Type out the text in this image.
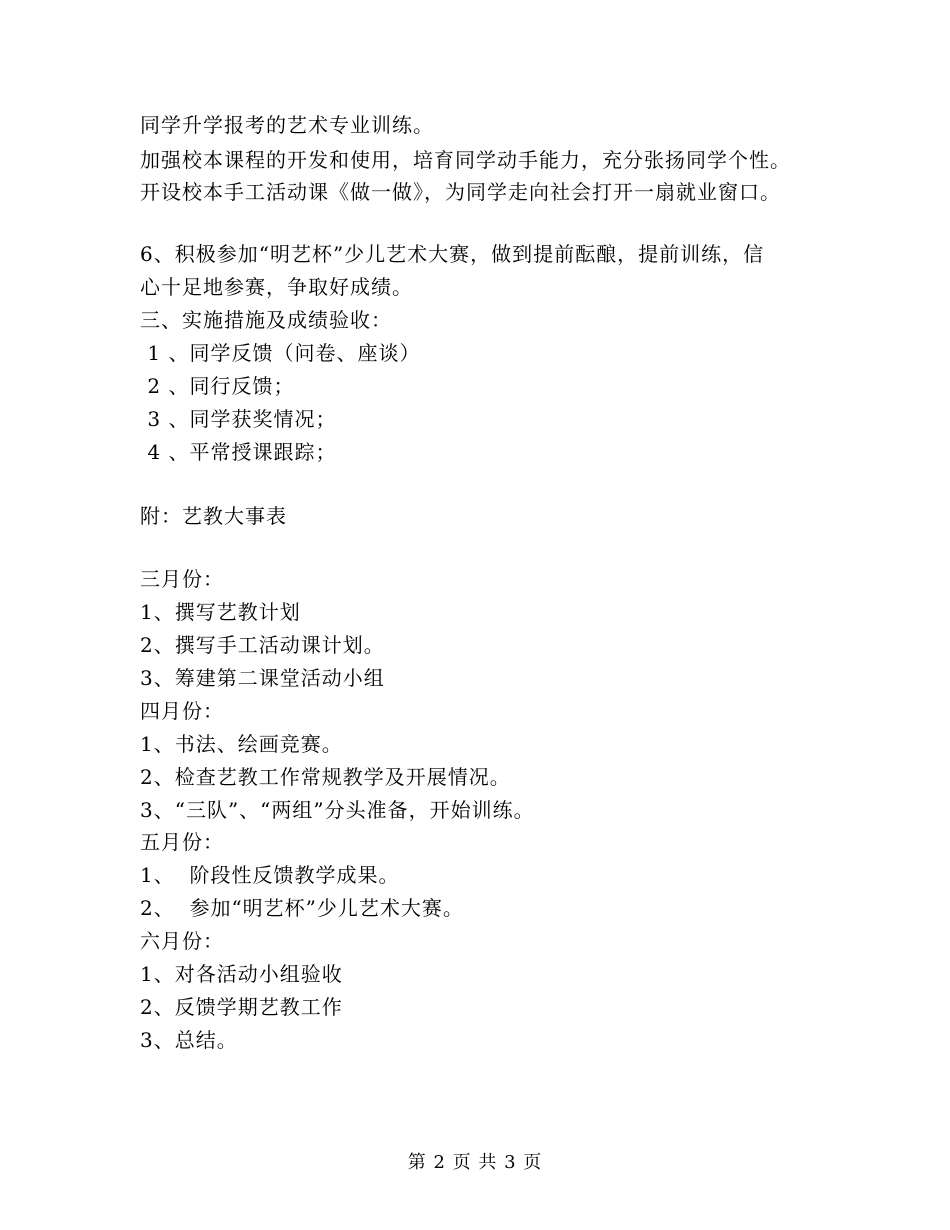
同学升学报考的艺术专业训练。
加强校本课程的开发和使用，培育同学动手能力，充分张扬同学个性。
开设校本手工活动课《做一做》，为同学走向社会打开一扇就业窗口。
6、积极参加“明艺杯”少儿艺术大赛，做到提前酝酿，提前训练，信
心十足地参赛，争取好成绩。
三、实施措施及成绩验收：
1 、同学反馈（问卷、座谈）
2 、同行反馈；
3 、同学获奖情况；
4 、平常授课跟踪；
附：艺教大事表
三月份：
1、撰写艺教计划
2、撰写手工活动课计划。
3、筹建第二课堂活动小组
四月份：
1、书法、绘画竞赛。
2、检查艺教工作常规教学及开展情况。
3、“三队”、“两组”分头准备，开始训练。
五月份：
1、  阶段性反馈教学成果。
2、  参加“明艺杯”少儿艺术大赛。
六月份：
1、对各活动小组验收
2、反馈学期艺教工作
3、总结。
第 2 页 共 3 页
